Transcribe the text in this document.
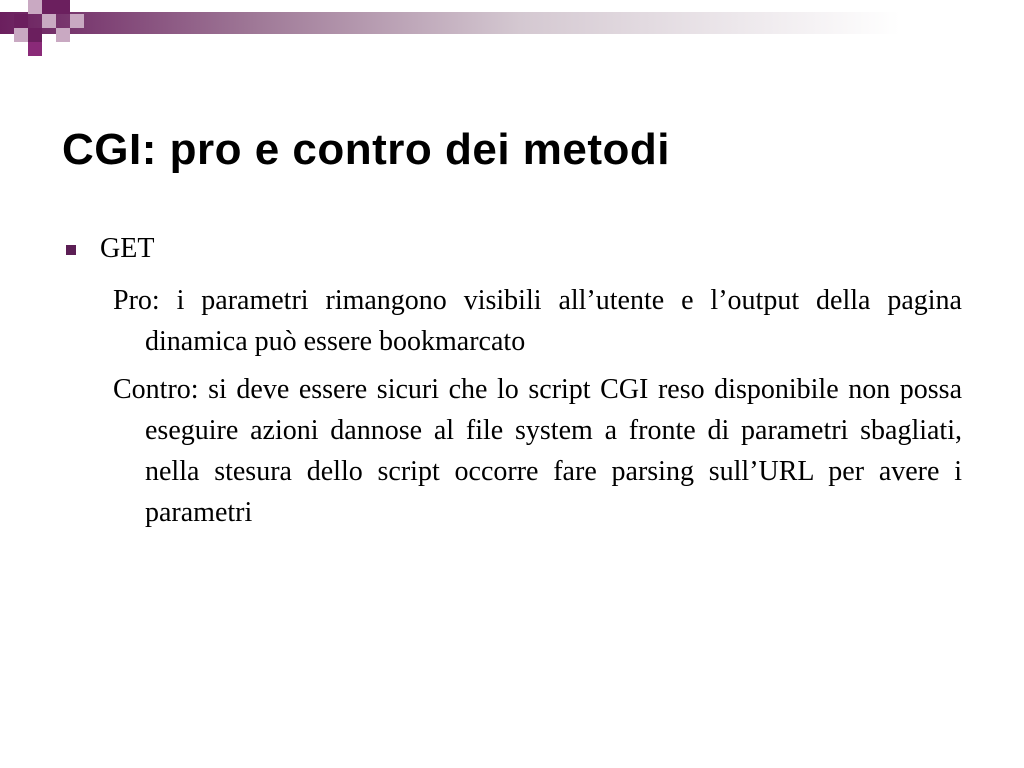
CGI: pro e contro dei metodi
GET

Pro: i parametri rimangono visibili all’utente e l’output della pagina dinamica può essere bookmarcato

Contro: si deve essere sicuri che lo script CGI reso disponibile non possa eseguire azioni dannose al file system a fronte di parametri sbagliati, nella stesura dello script occorre fare parsing sull’URL per avere i parametri
